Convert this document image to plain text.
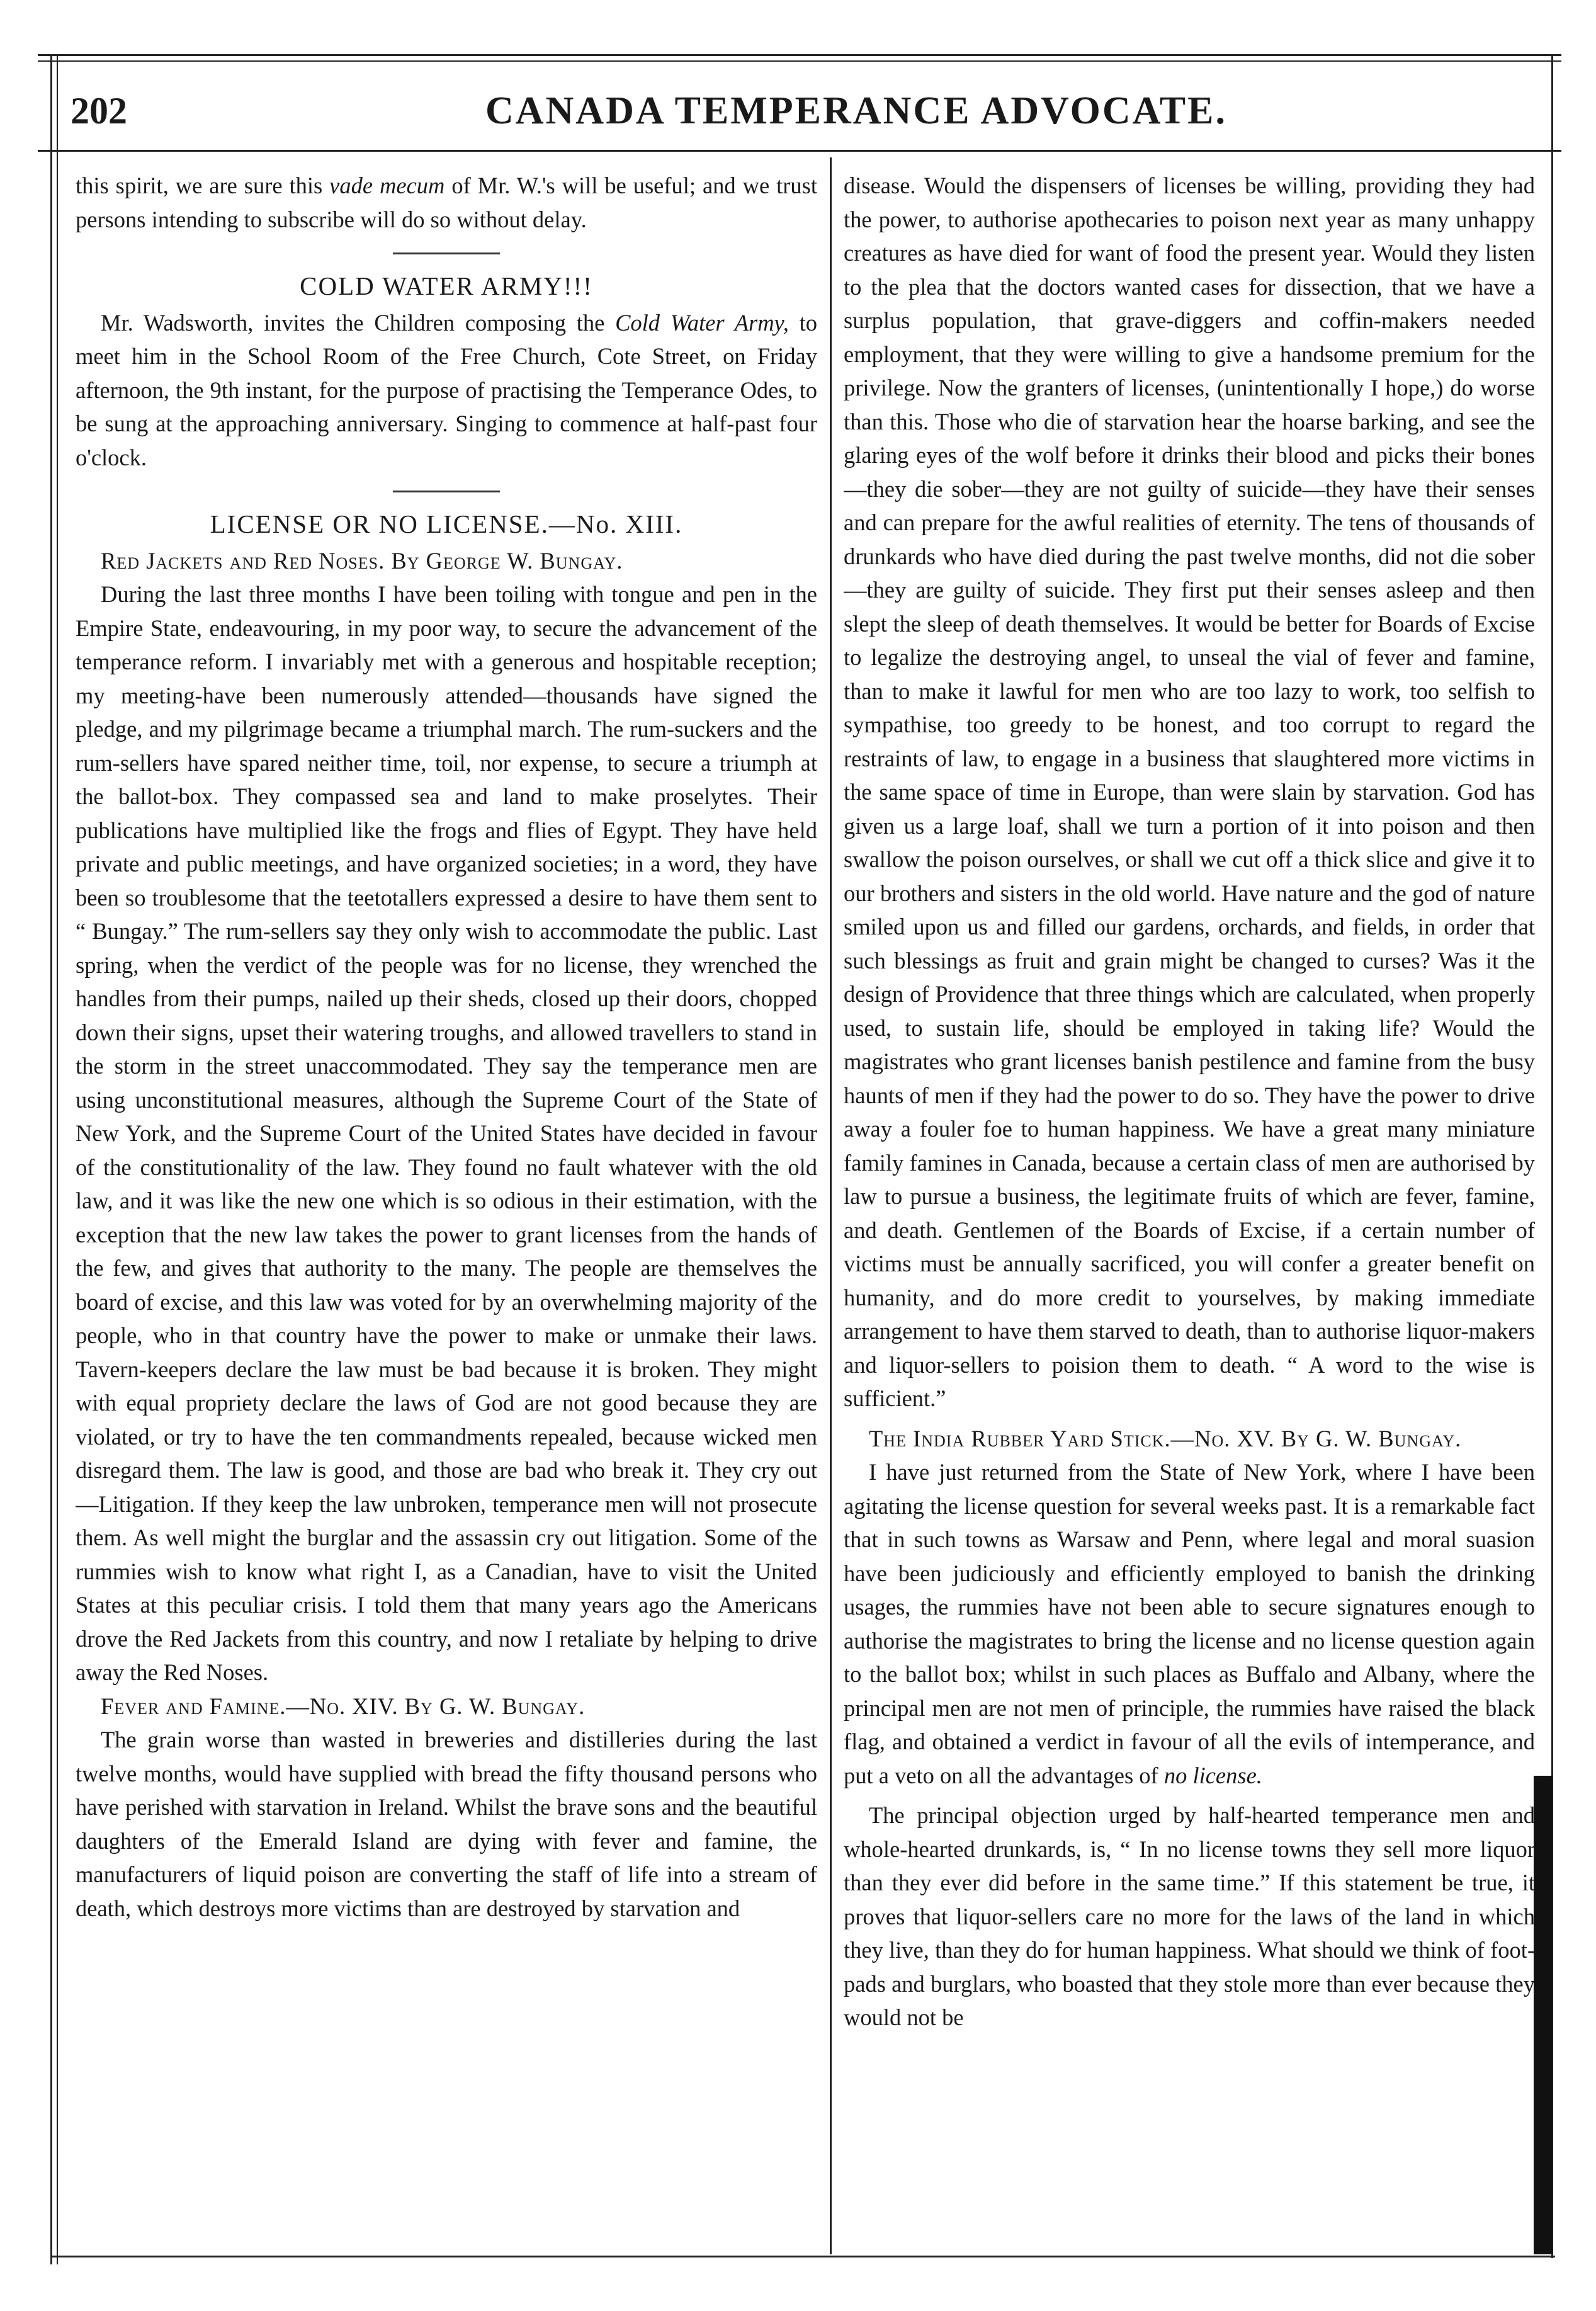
202	CANADA TEMPERANCE ADVOCATE.

this spirit, we are sure this vade mecum of Mr. W.'s will be useful; and we trust persons intending to subscribe will do so without delay.

COLD WATER ARMY!!!

Mr. Wadsworth, invites the Children composing the Cold Water Army, to meet him in the School Room of the Free Church, Cote Street, on Friday afternoon, the 9th instant, for the purpose of practising the Temperance Odes, to be sung at the approaching anniversary. Singing to commence at half-past four o'clock.

LICENSE OR NO LICENSE.—No. XIII.

Red Jackets and Red Noses. By George W. Bungay.

During the last three months I have been toiling with tongue and pen in the Empire State, endeavouring, in my poor way, to secure the advancement of the temperance reform. I invariably met with a generous and hospitable reception; my meeting-have been numerously attended—thousands have signed the pledge, and my pilgrimage became a triumphal march. The rum-suckers and the rum-sellers have spared neither time, toil, nor expense, to secure a triumph at the ballot-box. They compassed sea and land to make proselytes. Their publications have multiplied like the frogs and flies of Egypt. They have held private and public meetings, and have organized societies; in a word, they have been so troublesome that the teetotallers expressed a desire to have them sent to “ Bungay.” The rum-sellers say they only wish to accommodate the public. Last spring, when the verdict of the people was for no license, they wrenched the handles from their pumps, nailed up their sheds, closed up their doors, chopped down their signs, upset their watering troughs, and allowed travellers to stand in the storm in the street unaccommodated. They say the temperance men are using unconstitutional measures, although the Supreme Court of the State of New York, and the Supreme Court of the United States have decided in favour of the constitutionality of the law. They found no fault whatever with the old law, and it was like the new one which is so odious in their estimation, with the exception that the new law takes the power to grant licenses from the hands of the few, and gives that authority to the many. The people are themselves the board of excise, and this law was voted for by an overwhelming majority of the people, who in that country have the power to make or unmake their laws. Tavern-keepers declare the law must be bad because it is broken. They might with equal propriety declare the laws of God are not good because they are violated, or try to have the ten commandments repealed, because wicked men disregard them. The law is good, and those are bad who break it. They cry out —Litigation. If they keep the law unbroken, temperance men will not prosecute them. As well might the burglar and the assassin cry out litigation. Some of the rummies wish to know what right I, as a Canadian, have to visit the United States at this peculiar crisis. I told them that many years ago the Americans drove the Red Jackets from this country, and now I retaliate by helping to drive away the Red Noses.

Fever and Famine.—No. XIV. By G. W. Bungay.

The grain worse than wasted in breweries and distilleries during the last twelve months, would have supplied with bread the fifty thousand persons who have perished with starvation in Ireland. Whilst the brave sons and the beautiful daughters of the Emerald Island are dying with fever and famine, the manufacturers of liquid poison are converting the staff of life into a stream of death, which destroys more victims than are destroyed by starvation and

disease. Would the dispensers of licenses be willing, providing they had the power, to authorise apothecaries to poison next year as many unhappy creatures as have died for want of food the present year. Would they listen to the plea that the doctors wanted cases for dissection, that we have a surplus population, that grave-diggers and coffin-makers needed employment, that they were willing to give a handsome premium for the privilege. Now the granters of licenses, (unintentionally I hope,) do worse than this. Those who die of starvation hear the hoarse barking, and see the glaring eyes of the wolf before it drinks their blood and picks their bones—they die sober—they are not guilty of suicide—they have their senses and can prepare for the awful realities of eternity. The tens of thousands of drunkards who have died during the past twelve months, did not die sober—they are guilty of suicide. They first put their senses asleep and then slept the sleep of death themselves. It would be better for Boards of Excise to legalize the destroying angel, to unseal the vial of fever and famine, than to make it lawful for men who are too lazy to work, too selfish to sympathise, too greedy to be honest, and too corrupt to regard the restraints of law, to engage in a business that slaughtered more victims in the same space of time in Europe, than were slain by starvation. God has given us a large loaf, shall we turn a portion of it into poison and then swallow the poison ourselves, or shall we cut off a thick slice and give it to our brothers and sisters in the old world. Have nature and the god of nature smiled upon us and filled our gardens, orchards, and fields, in order that such blessings as fruit and grain might be changed to curses? Was it the design of Providence that three things which are calculated, when properly used, to sustain life, should be employed in taking life? Would the magistrates who grant licenses banish pestilence and famine from the busy haunts of men if they had the power to do so. They have the power to drive away a fouler foe to human happiness. We have a great many miniature family famines in Canada, because a certain class of men are authorised by law to pursue a business, the legitimate fruits of which are fever, famine, and death. Gentlemen of the Boards of Excise, if a certain number of victims must be annually sacrificed, you will confer a greater benefit on humanity, and do more credit to yourselves, by making immediate arrangement to have them starved to death, than to authorise liquor-makers and liquor-sellers to poision them to death. “ A word to the wise is sufficient.”

The India Rubber Yard Stick.—No. XV. By G. W. Bungay.

I have just returned from the State of New York, where I have been agitating the license question for several weeks past. It is a remarkable fact that in such towns as Warsaw and Penn, where legal and moral suasion have been judiciously and efficiently employed to banish the drinking usages, the rummies have not been able to secure signatures enough to authorise the magistrates to bring the license and no license question again to the ballot box; whilst in such places as Buffalo and Albany, where the principal men are not men of principle, the rummies have raised the black flag, and obtained a verdict in favour of all the evils of intemperance, and put a veto on all the advantages of no license.

The principal objection urged by half-hearted temperance men and whole-hearted drunkards, is, “ In no license towns they sell more liquor than they ever did before in the same time.” If this statement be true, it proves that liquor-sellers care no more for the laws of the land in which they live, than they do for human happiness. What should we think of foot-pads and burglars, who boasted that they stole more than ever because they would not be
